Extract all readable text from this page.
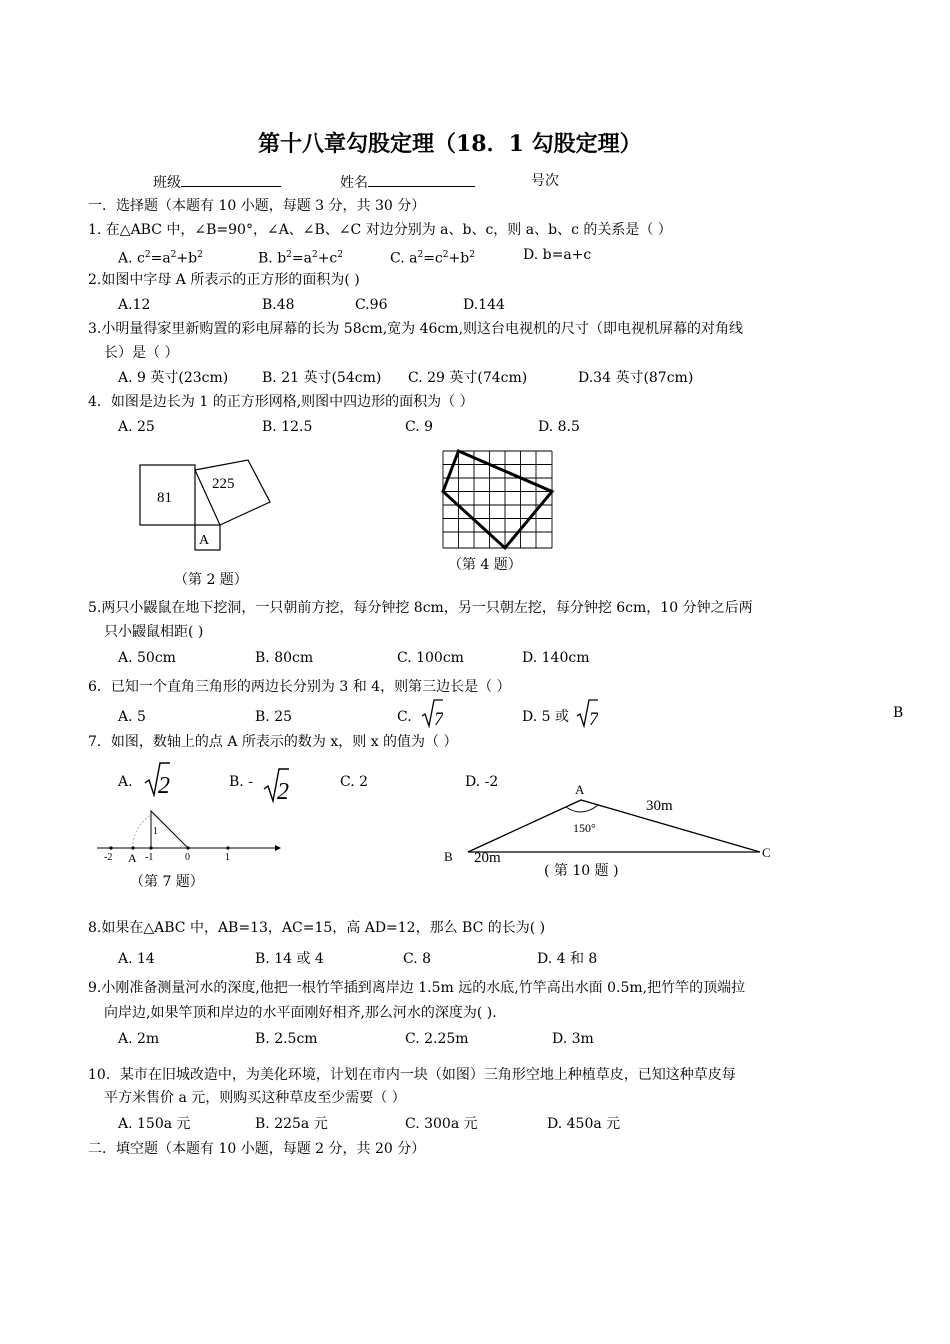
第十八章勾股定理（18．1 勾股定理）
班级	姓名	号次
一．选择题（本题有 10 小题，每题 3 分，共 30 分）
1. 在△ABC 中，∠B=90°，∠A、∠B、∠C 对边分别为 a、b、c，则 a、b、c 的关系是（ ）
A. $c^2=a^2+b^2$	B. $b^2=a^2+c^2$	C. $a^2=c^2+b^2$	D. b=a+c
2.如图中字母 A 所表示的正方形的面积为( )
A.12	B.48	C.96	D.144
3.小明量得家里新购置的彩电屏幕的长为 58cm,宽为 46cm,则这台电视机的尺寸（即电视机屏幕的对角线
长）是（ ）
A. 9 英寸(23cm) B. 21 英寸(54cm) C. 29 英寸(74cm)	D.34 英寸(87cm)
4．如图是边长为 1 的正方形网格,则图中四边形的面积为（ ）
A. 25	B. 12.5	C. 9	D. 8.5
81
225
A
（第 2 题）
（第 4 题）
5.两只小鼹鼠在地下挖洞，一只朝前方挖，每分钟挖 8cm，另一只朝左挖，每分钟挖 6cm，10 分钟之后两
只小鼹鼠相距( )
A. 50cm	B. 80cm	C. 100cm	D. 140cm
6．已知一个直角三角形的两边长分别为 3 和 4，则第三边长是（ ）
A. 5	B. 25	C. 7	D. 5 或 7	B
7．如图，数轴上的点 A 所表示的数为 x，则 x 的值为（ ）
A. 2	B. - 2	C. 2	D. -2
-2	-1	0	1
A
1
（第 7 题）
A
B	C
30m
20m
150°
( 第 10 题 )
8.如果在△ABC 中，AB=13，AC=15，高 AD=12，那么 BC 的长为( )
A. 14	B. 14 或 4	C. 8	D. 4 和 8
9.小刚准备测量河水的深度,他把一根竹竿插到离岸边 1.5m 远的水底,竹竿高出水面 0.5m,把竹竿的顶端拉
向岸边,如果竿顶和岸边的水平面刚好相齐,那么河水的深度为( ).
A. 2m	B. 2.5cm	C. 2.25m	D. 3m
10．某市在旧城改造中，为美化环境，计划在市内一块（如图）三角形空地上种植草皮，已知这种草皮每
平方米售价 a 元，则购买这种草皮至少需要（ ）
A. 150a 元	B. 225a 元	C. 300a 元	D. 450a 元
二．填空题（本题有 10 小题，每题 2 分，共 20 分）
